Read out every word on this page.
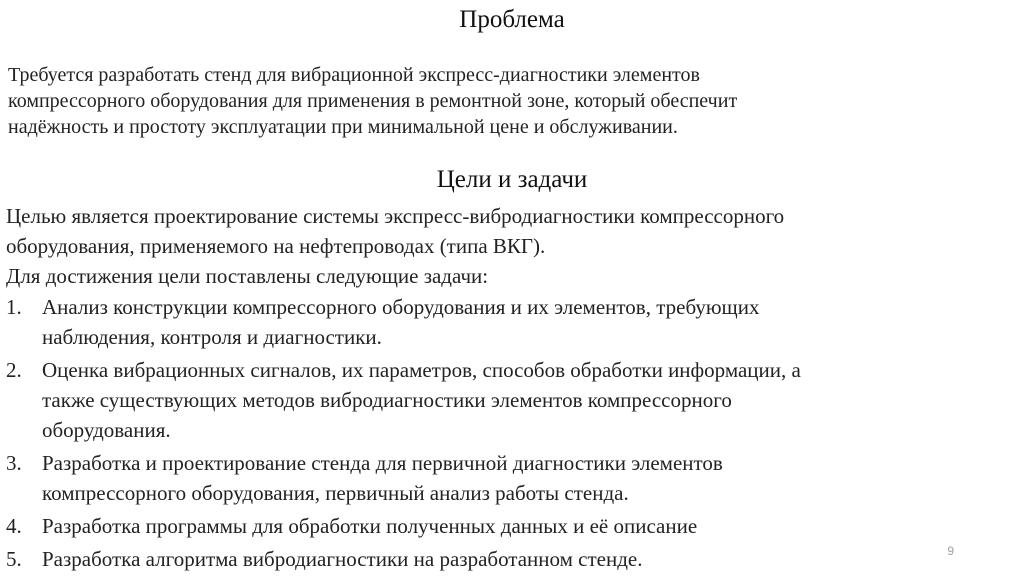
Проблема
Требуется разработать стенд для вибрационной экспресс-диагностики элементов
компрессорного оборудования для применения в ремонтной зоне, который обеспечит
надёжность и простоту эксплуатации при минимальной цене и обслуживании.
Цели и задачи
Целью является проектирование системы экспресс-вибродиагностики компрессорного
оборудования, применяемого на нефтепроводах (типа ВКГ).
Для достижения цели поставлены следующие задачи:
1. Анализ конструкции компрессорного оборудования и их элементов, требующих
наблюдения, контроля и диагностики.
2. Оценка вибрационных сигналов, их параметров, способов обработки информации, а
также существующих методов вибродиагностики элементов компрессорного
оборудования.
3. Разработка и проектирование стенда для первичной диагностики элементов
компрессорного оборудования, первичный анализ работы стенда.
4. Разработка программы для обработки полученных данных и её описание
5. Разработка алгоритма вибродиагностики на разработанном стенде.	9
